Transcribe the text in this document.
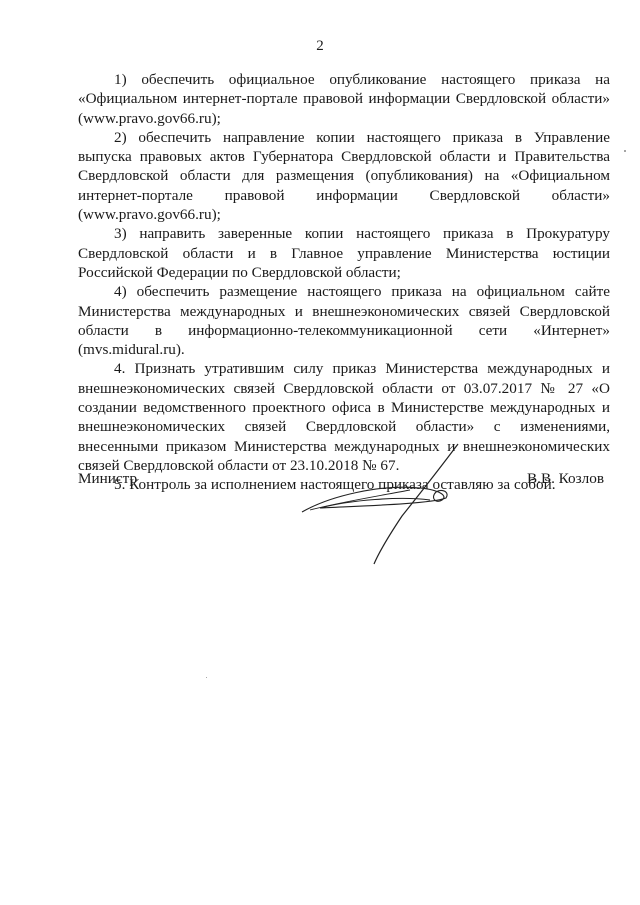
2

1) обеспечить официальное опубликование настоящего приказа на «Официальном интернет-портале правовой информации Свердловской области» (www.pravo.gov66.ru);

2) обеспечить направление копии настоящего приказа в Управление выпуска правовых актов Губернатора Свердловской области и Правительства Свердловской области для размещения (опубликования) на «Официальном интернет-портале правовой информации Свердловской области» (www.pravo.gov66.ru);

3) направить заверенные копии настоящего приказа в Прокуратуру Свердловской области и в Главное управление Министерства юстиции Российской Федерации по Свердловской области;

4) обеспечить размещение настоящего приказа на официальном сайте Министерства международных и внешнеэкономических связей Свердловской области в информационно-телекоммуникационной сети «Интернет» (mvs.midural.ru).

4. Признать утратившим силу приказ Министерства международных и внешнеэкономических связей Свердловской области от 03.07.2017 № 27 «О создании ведомственного проектного офиса в Министерстве международных и внешнеэкономических связей Свердловской области» с изменениями, внесенными приказом Министерства международных и внешнеэкономических связей Свердловской области от 23.10.2018 № 67.

5. Контроль за исполнением настоящего приказа оставляю за собой.

Министр	В.В. Козлов
